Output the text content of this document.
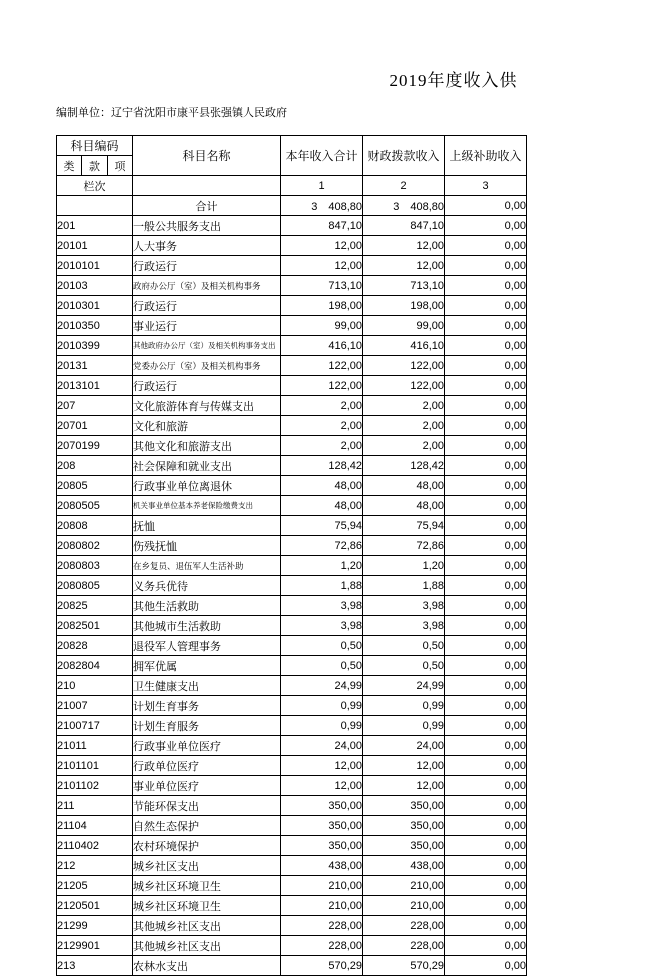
2019年度收入供
编制单位：辽宁省沈阳市康平县张强镇人民政府
科目编码			科目名称	本年收入合计	财政拨款收入	上级补助收入
类	款	项				
栏次				1	2	3
			合计	3　408,80	3　408,80	0,00
201			一般公共服务支出	847,10	847,10	0,00
20101			人大事务	12,00	12,00	0,00
2010101			行政运行	12,00	12,00	0,00
20103			政府办公厅（室）及相关机构事务	713,10	713,10	0,00
2010301			行政运行	198,00	198,00	0,00
2010350			事业运行	99,00	99,00	0,00
2010399			其他政府办公厅（室）及相关机构事务支出	416,10	416,10	0,00
20131			党委办公厅（室）及相关机构事务	122,00	122,00	0,00
2013101			行政运行	122,00	122,00	0,00
207			文化旅游体育与传媒支出	2,00	2,00	0,00
20701			文化和旅游	2,00	2,00	0,00
2070199			其他文化和旅游支出	2,00	2,00	0,00
208			社会保障和就业支出	128,42	128,42	0,00
20805			行政事业单位离退休	48,00	48,00	0,00
2080505			机关事业单位基本养老保险缴费支出	48,00	48,00	0,00
20808			抚恤	75,94	75,94	0,00
2080802			伤残抚恤	72,86	72,86	0,00
2080803			在乡复员、退伍军人生活补助	1,20	1,20	0,00
2080805			义务兵优待	1,88	1,88	0,00
20825			其他生活救助	3,98	3,98	0,00
2082501			其他城市生活救助	3,98	3,98	0,00
20828			退役军人管理事务	0,50	0,50	0,00
2082804			拥军优属	0,50	0,50	0,00
210			卫生健康支出	24,99	24,99	0,00
21007			计划生育事务	0,99	0,99	0,00
2100717			计划生育服务	0,99	0,99	0,00
21011			行政事业单位医疗	24,00	24,00	0,00
2101101			行政单位医疗	12,00	12,00	0,00
2101102			事业单位医疗	12,00	12,00	0,00
211			节能环保支出	350,00	350,00	0,00
21104			自然生态保护	350,00	350,00	0,00
2110402			农村环境保护	350,00	350,00	0,00
212			城乡社区支出	438,00	438,00	0,00
21205			城乡社区环境卫生	210,00	210,00	0,00
2120501			城乡社区环境卫生	210,00	210,00	0,00
21299			其他城乡社区支出	228,00	228,00	0,00
2129901			其他城乡社区支出	228,00	228,00	0,00
213			农林水支出	570,29	570,29	0,00
